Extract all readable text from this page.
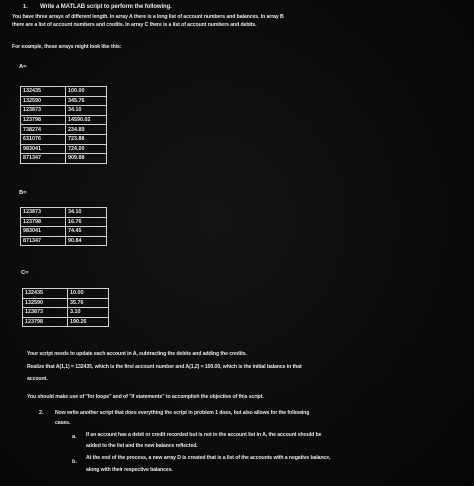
1. Write a MATLAB script to perform the following.
You have three arrays of different length. In array A there is a long list of account numbers and balances. In array B
there are a list of account numbers and credits. In array C there is a list of account numbers and debits.
For example, these arrays might look like this:
A=
132435	100.00
132590	345.76
123873	34.10
123798	14590.02
738274	234.89
631076	723.88
983041	724.00
871347	909.88
B=
123873	34.10
123798	16.76
983041	74.45
871347	90.84
C=
132435	10.00
132590	35.76
123873	3.10
123798	190.26
Your script needs to update each account in A, subtracting the debits and adding the credits.
Realize that A(1,1) = 132435, which is the first account number and A(1,2) = 100.00, which is the initial balance in that
account.
You should make use of "for loops" and of "if statements" to accomplish the objective of this script.
2. Now write another script that does everything the script in problem 1 does, but also allows for the following
cases.
a. If an account has a debit or credit recorded but is not in the account list in A, the account should be
added to the list and the new balance reflected.
b.
At the end of the process, a new array D is created that is a list of the accounts with a negative balance,
along with their respective balances.
